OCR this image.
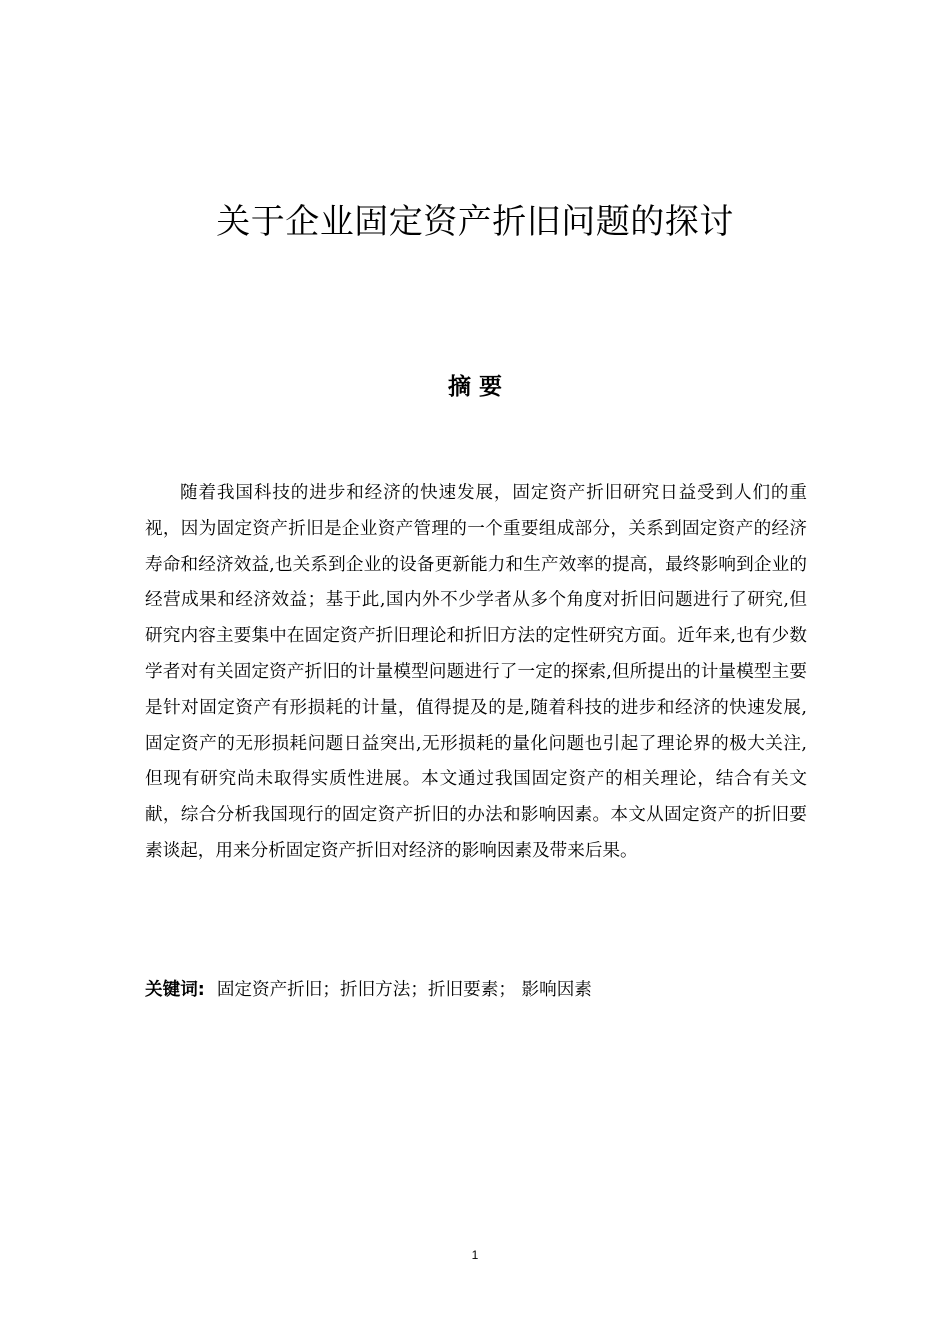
关于企业固定资产折旧问题的探讨
摘 要

随着我国科技的进步和经济的快速发展，固定资产折旧研究日益受到人们的重视，因为固定资产折旧是企业资产管理的一个重要组成部分，关系到固定资产的经济寿命和经济效益,也关系到企业的设备更新能力和生产效率的提高，最终影响到企业的经营成果和经济效益；基于此,国内外不少学者从多个角度对折旧问题进行了研究,但研究内容主要集中在固定资产折旧理论和折旧方法的定性研究方面。近年来,也有少数学者对有关固定资产折旧的计量模型问题进行了一定的探索,但所提出的计量模型主要是针对固定资产有形损耗的计量，值得提及的是,随着科技的进步和经济的快速发展,固定资产的无形损耗问题日益突出,无形损耗的量化问题也引起了理论界的极大关注,但现有研究尚未取得实质性进展。本文通过我国固定资产的相关理论，结合有关文献，综合分析我国现行的固定资产折旧的办法和影响因素。本文从固定资产的折旧要素谈起，用来分析固定资产折旧对经济的影响因素及带来后果。

关键词: 固定资产折旧；折旧方法；折旧要素； 影响因素
1
